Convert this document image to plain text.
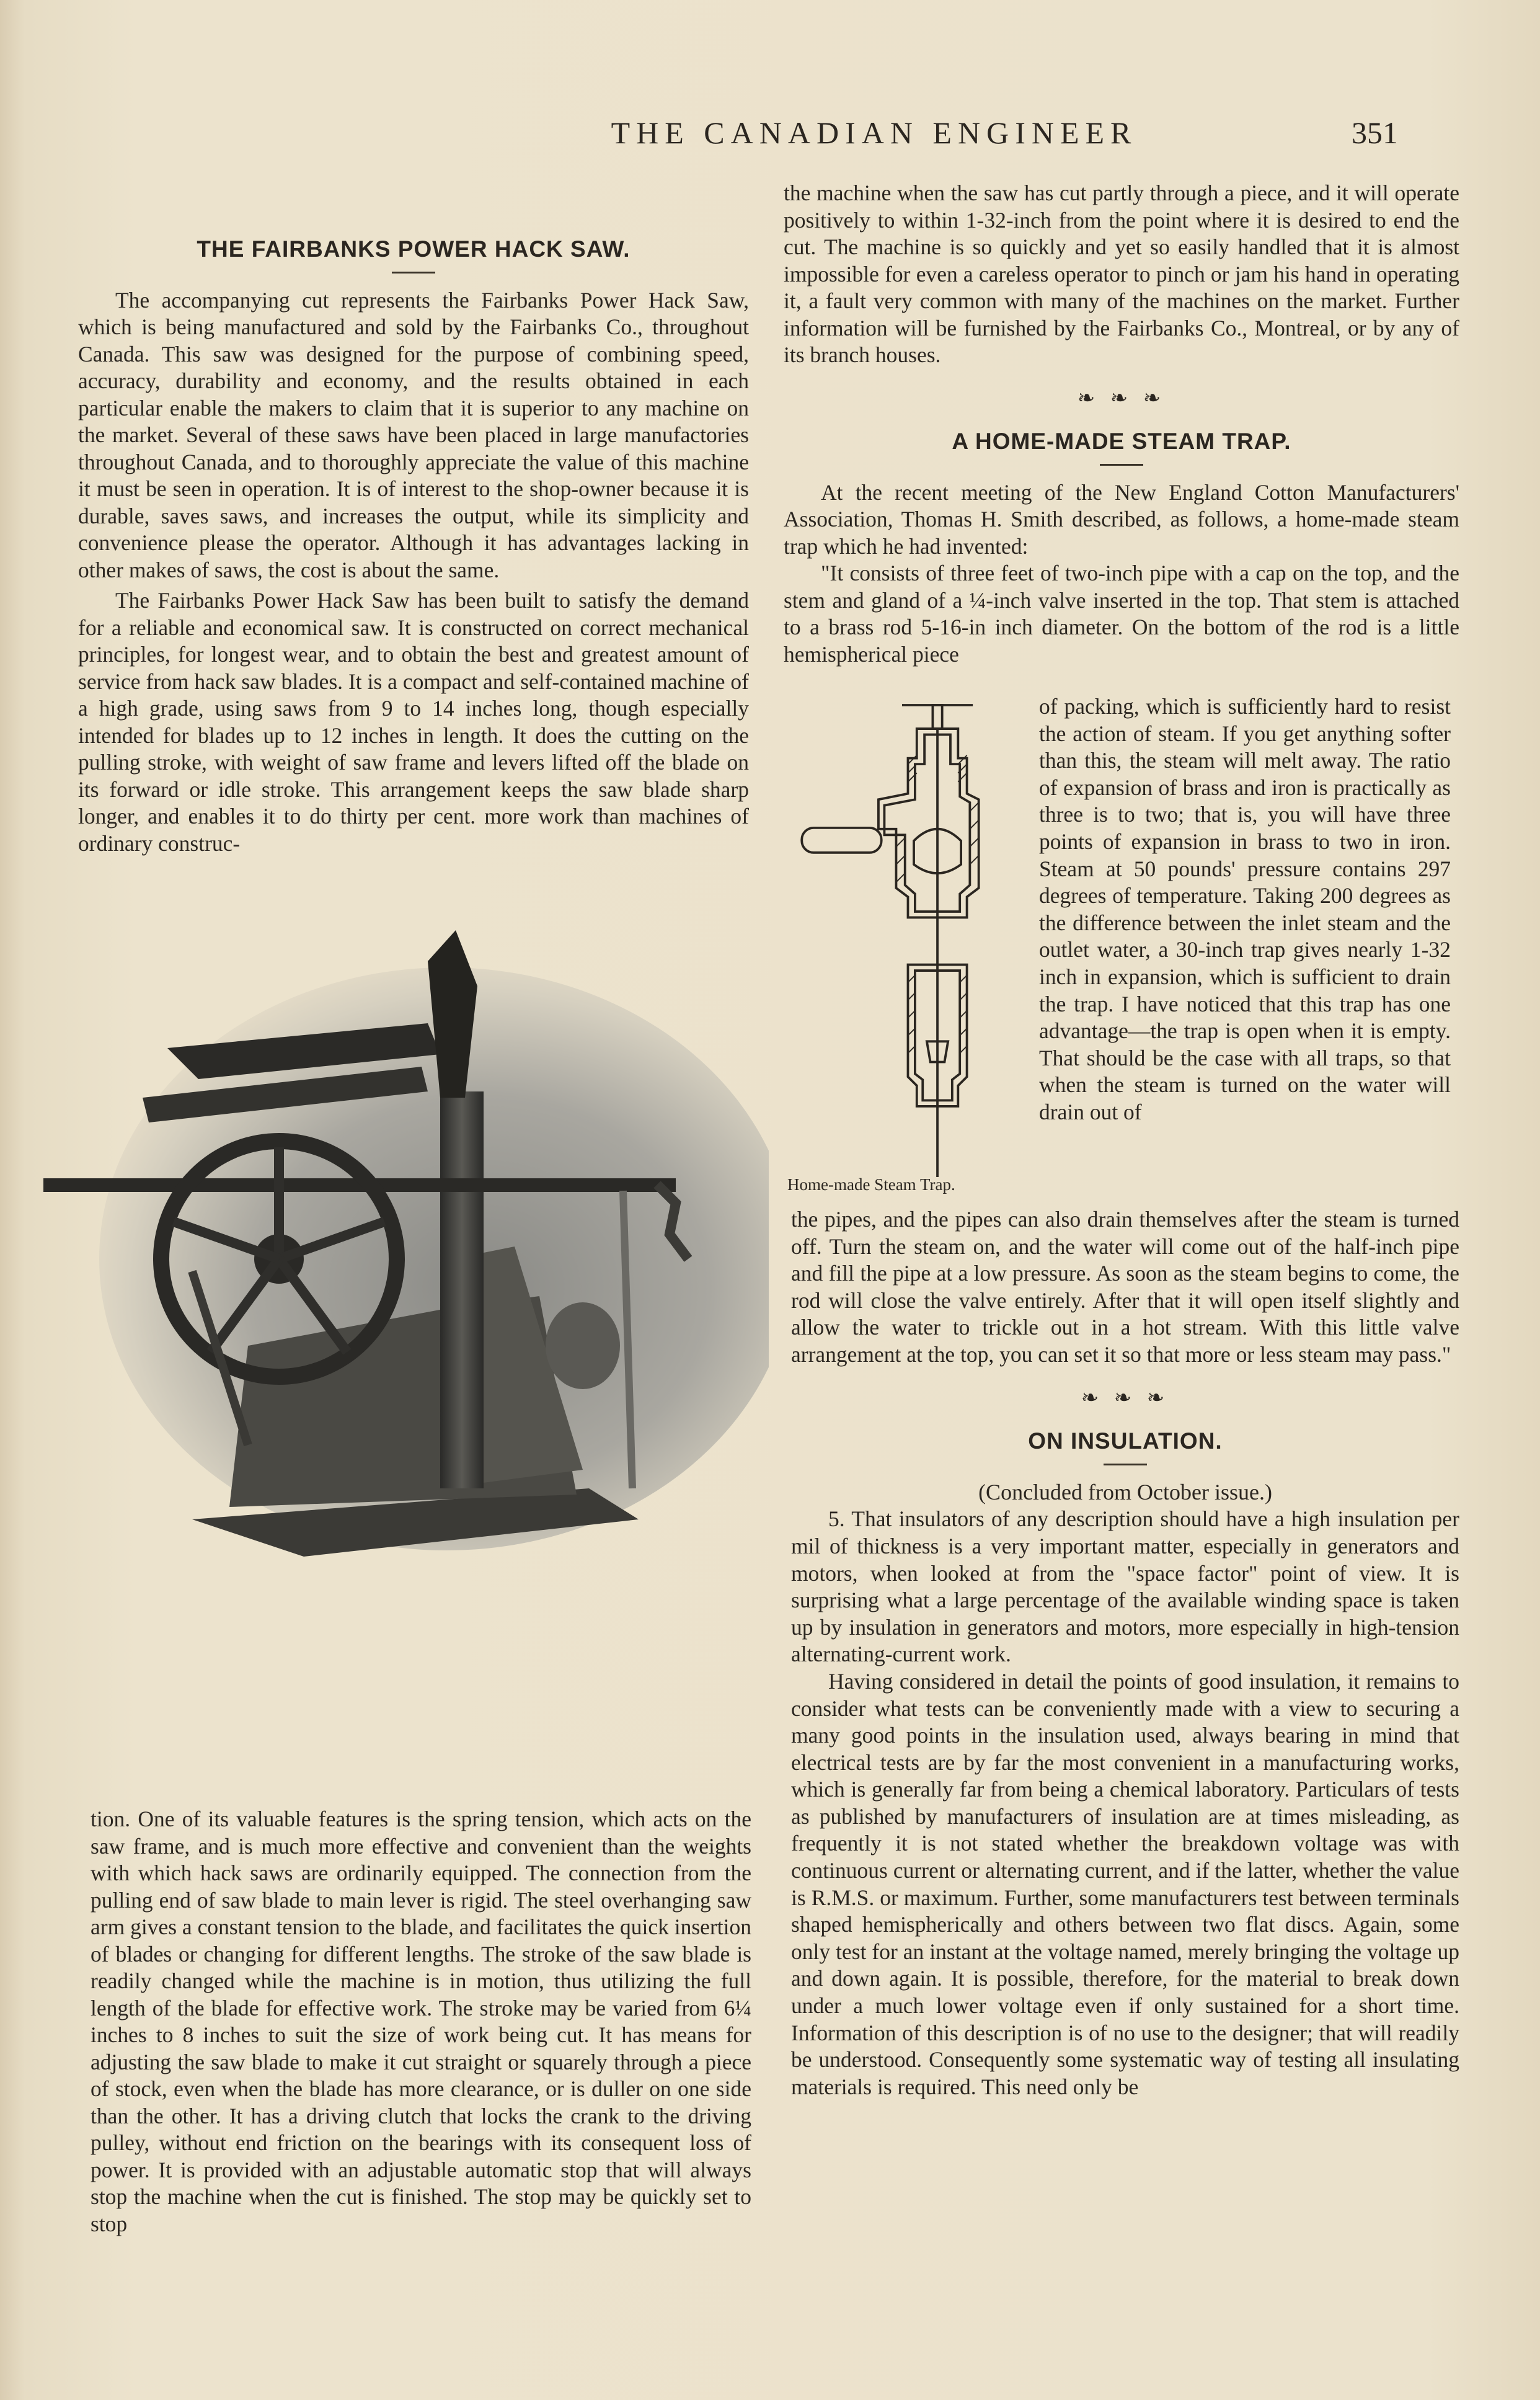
THE CANADIAN ENGINEER	351
THE FAIRBANKS POWER HACK SAW.

The accompanying cut represents the Fairbanks Power Hack Saw, which is being manufactured and sold by the Fairbanks Co., throughout Canada. This saw was designed for the purpose of combining speed, accuracy, durability and economy, and the results obtained in each particular enable the makers to claim that it is superior to any machine on the market. Several of these saws have been placed in large manufactories throughout Canada, and to thoroughly appreciate the value of this machine it must be seen in operation. It is of interest to the shop-owner because it is durable, saves saws, and increases the output, while its simplicity and convenience please the operator. Although it has advantages lacking in other makes of saws, the cost is about the same.

The Fairbanks Power Hack Saw has been built to satisfy the demand for a reliable and economical saw. It is constructed on correct mechanical principles, for longest wear, and to obtain the best and greatest amount of service from hack saw blades. It is a compact and self-contained machine of a high grade, using saws from 9 to 14 inches long, though especially intended for blades up to 12 inches in length. It does the cutting on the pulling stroke, with weight of saw frame and levers lifted off the blade on its forward or idle stroke. This arrangement keeps the saw blade sharp longer, and enables it to do thirty per cent. more work than machines of ordinary construc-

tion. One of its valuable features is the spring tension, which acts on the saw frame, and is much more effective and convenient than the weights with which hack saws are ordinarily equipped. The connection from the pulling end of saw blade to main lever is rigid. The steel overhanging saw arm gives a constant tension to the blade, and facilitates the quick insertion of blades or changing for different lengths. The stroke of the saw blade is readily changed while the machine is in motion, thus utilizing the full length of the blade for effective work. The stroke may be varied from 6¼ inches to 8 inches to suit the size of work being cut. It has means for adjusting the saw blade to make it cut straight or squarely through a piece of stock, even when the blade has more clearance, or is duller on one side than the other. It has a driving clutch that locks the crank to the driving pulley, without end friction on the bearings with its consequent loss of power. It is provided with an adjustable automatic stop that will always stop the machine when the cut is finished. The stop may be quickly set to stop

the machine when the saw has cut partly through a piece, and it will operate positively to within 1-32-inch from the point where it is desired to end the cut. The machine is so quickly and yet so easily handled that it is almost impossible for even a careless operator to pinch or jam his hand in operating it, a fault very common with many of the machines on the market. Further information will be furnished by the Fairbanks Co., Montreal, or by any of its branch houses.

❧ ❧ ❧
A HOME-MADE STEAM TRAP.

At the recent meeting of the New England Cotton Manufacturers' Association, Thomas H. Smith described, as follows, a home-made steam trap which he had invented:

"It consists of three feet of two-inch pipe with a cap on the top, and the stem and gland of a ¼-inch valve inserted in the top. That stem is attached to a brass rod 5-16-in inch diameter. On the bottom of the rod is a little hemispherical piece

Home-made Steam Trap.

of packing, which is sufficiently hard to resist the action of steam. If you get anything softer than this, the steam will melt away. The ratio of expansion of brass and iron is practically as three is to two; that is, you will have three points of expansion in brass to two in iron. Steam at 50 pounds' pressure contains 297 degrees of temperature. Taking 200 degrees as the difference between the inlet steam and the outlet water, a 30-inch trap gives nearly 1-32 inch in expansion, which is sufficient to drain the trap. I have noticed that this trap has one advantage—the trap is open when it is empty. That should be the case with all traps, so that when the steam is turned on the water will drain out of

the pipes, and the pipes can also drain themselves after the steam is turned off. Turn the steam on, and the water will come out of the half-inch pipe and fill the pipe at a low pressure. As soon as the steam begins to come, the rod will close the valve entirely. After that it will open itself slightly and allow the water to trickle out in a hot stream. With this little valve arrangement at the top, you can set it so that more or less steam may pass."

❧ ❧ ❧
ON INSULATION.

(Concluded from October issue.)

5. That insulators of any description should have a high insulation per mil of thickness is a very important matter, especially in generators and motors, when looked at from the "space factor" point of view. It is surprising what a large percentage of the available winding space is taken up by insulation in generators and motors, more especially in high-tension alternating-current work.

Having considered in detail the points of good insulation, it remains to consider what tests can be conveniently made with a view to securing a many good points in the insulation used, always bearing in mind that electrical tests are by far the most convenient in a manufacturing works, which is generally far from being a chemical laboratory. Particulars of tests as published by manufacturers of insulation are at times misleading, as frequently it is not stated whether the breakdown voltage was with continuous current or alternating current, and if the latter, whether the value is R.M.S. or maximum. Further, some manufacturers test between terminals shaped hemispherically and others between two flat discs. Again, some only test for an instant at the voltage named, merely bringing the voltage up and down again. It is possible, therefore, for the material to break down under a much lower voltage even if only sustained for a short time. Information of this description is of no use to the designer; that will readily be understood. Consequently some systematic way of testing all insulating materials is required. This need only be
